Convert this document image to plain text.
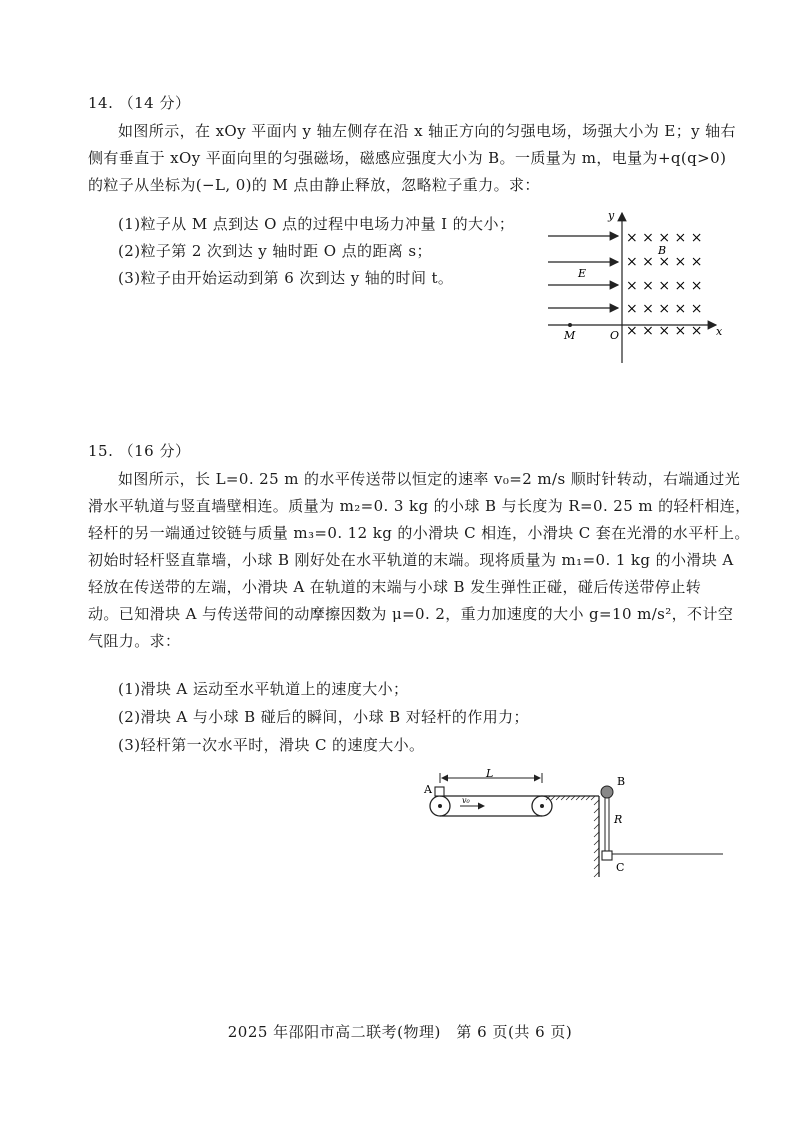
14. （14 分）
如图所示，在 xOy 平面内 y 轴左侧存在沿 x 轴正方向的匀强电场，场强大小为 E；y 轴右
侧有垂直于 xOy 平面向里的匀强磁场，磁感应强度大小为 B。一质量为 m，电量为+q(q>0)
的粒子从坐标为(−L, 0)的 M 点由静止释放，忽略粒子重力。求：
(1)粒子从 M 点到达 O 点的过程中电场力冲量 I 的大小；
(2)粒子第 2 次到达 y 轴时距 O 点的距离 s；
(3)粒子由开始运动到第 6 次到达 y 轴的时间 t。
y
x
E
B
M	O
× × × × ×
× × × × ×
× × × × ×
× × × × ×
× × × × ×
15. （16 分）
如图所示，长 L=0. 25 m 的水平传送带以恒定的速率 v₀=2 m/s 顺时针转动，右端通过光
滑水平轨道与竖直墙壁相连。质量为 m₂=0. 3 kg 的小球 B 与长度为 R=0. 25 m 的轻杆相连，
轻杆的另一端通过铰链与质量 m₃=0. 12 kg 的小滑块 C 相连，小滑块 C 套在光滑的水平杆上。
初始时轻杆竖直靠墙，小球 B 刚好处在水平轨道的末端。现将质量为 m₁=0. 1 kg 的小滑块 A
轻放在传送带的左端，小滑块 A 在轨道的末端与小球 B 发生弹性正碰，碰后传送带停止转
动。已知滑块 A 与传送带间的动摩擦因数为 μ=0. 2，重力加速度的大小 g=10 m/s²，不计空
气阻力。求：
(1)滑块 A 运动至水平轨道上的速度大小；
(2)滑块 A 与小球 B 碰后的瞬间，小球 B 对轻杆的作用力；
(3)轻杆第一次水平时，滑块 C 的速度大小。
L
v₀
A
B
R
C
2025 年邵阳市高二联考(物理)　第 6 页(共 6 页)
